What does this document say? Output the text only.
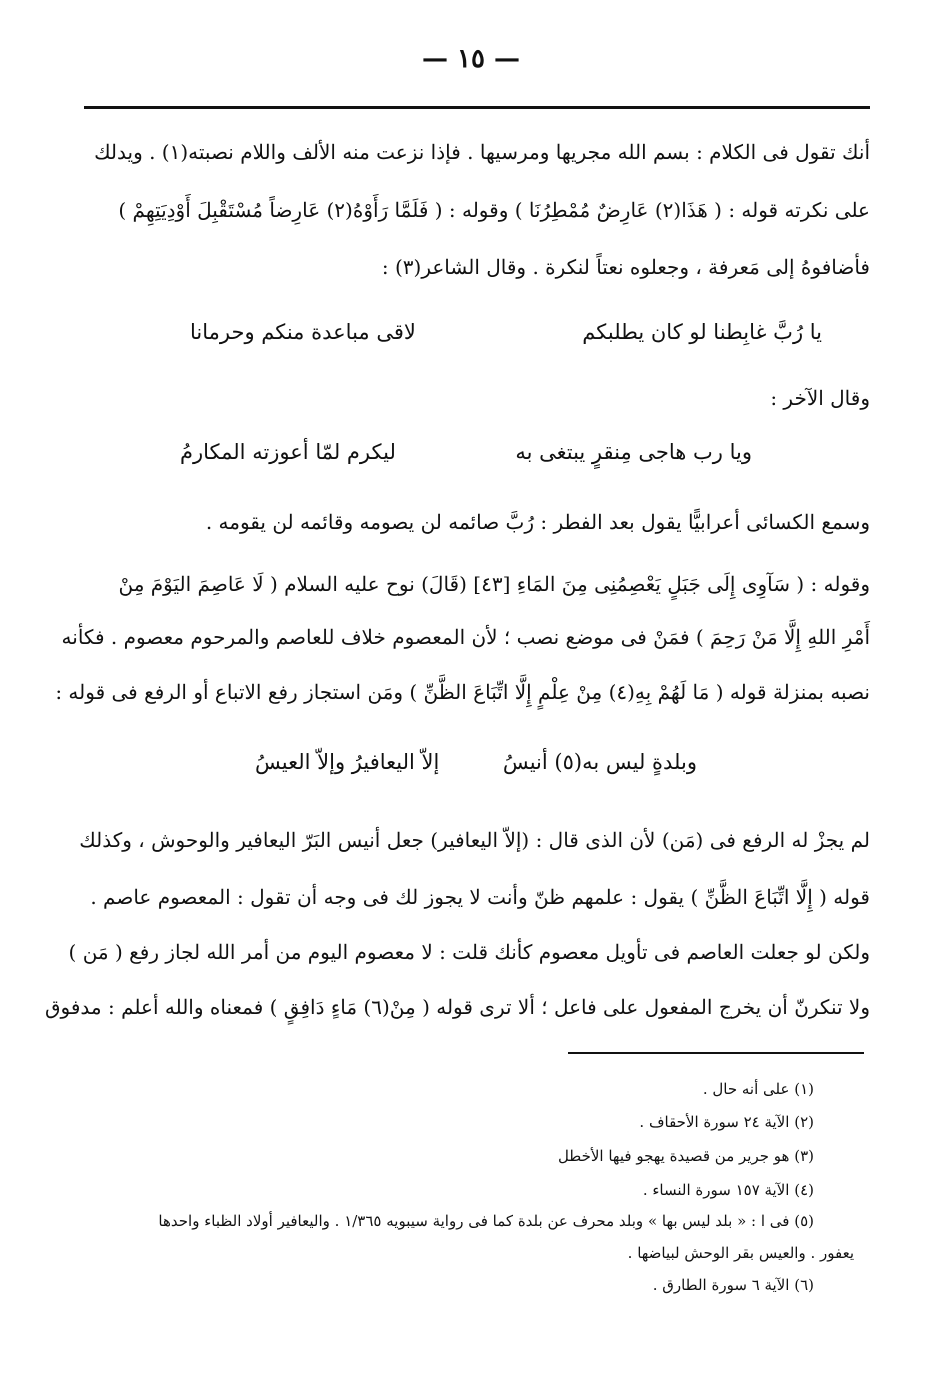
— ١٥ —
أنك تقول فى الكلام : بسم الله مجريها ومرسيها . فإذا نزعت منه الألف واللام نصبته(١) . ويدلك
على نكرته قوله : ( هَذَا(٢) عَارِضٌ مُمْطِرُنَا ) وقوله : ( فَلَمَّا رَأَوْهُ(٢) عَارِضاً مُسْتَقْبِلَ أَوْدِيَتِهِمْ )
فأضافوهُ إلى مَعرفة ، وجعلوه نعتاً لنكرة . وقال الشاعر(٣) :
يا رُبَّ غابِطنا لو كان يطلبكم
لاقى مباعدة منكم وحرمانا
وقال الآخر :
ويا رب هاجى مِنقرٍ يبتغى به
ليكرم لمّا أعوزته المكارمُ
وسمع الكسائى أعرابيًّا يقول بعد الفطر : رُبَّ صائمه لن يصومه وقائمه لن يقومه .
وقوله : ( سَآوِى إِلَى جَبَلٍ يَعْصِمُنِى مِنَ المَاءِ [٤٣] (قَالَ) نوح عليه السلام ( لَا عَاصِمَ اليَوْمَ مِنْ
أَمْرِ اللهِ إِلَّا مَنْ رَحِمَ ) فمَنْ فى موضع نصب ؛ لأن المعصوم خلاف للعاصم والمرحوم معصوم . فكأنه
نصبه بمنزلة قوله ( مَا لَهُمْ بِهِ(٤) مِنْ عِلْمٍ إِلَّا اتِّبَاعَ الظَّنِّ ) ومَن استجاز رفع الاتباع أو الرفع فى قوله :
وبلدةٍ ليس به(٥) أنيسُ
إلاّ اليعافيرُ وإلاّ العيسُ
لم يجزْ له الرفع فى (مَن) لأن الذى قال : (إلاّ اليعافير) جعل أنيس البَرّ اليعافير والوحوش ، وكذلك
قوله ( إِلَّا اتِّبَاعَ الظَّنِّ ) يقول : علمهم ظنّ وأنت لا يجوز لك فى وجه أن تقول : المعصوم عاصم .
ولكن لو جعلت العاصم فى تأويل معصوم كأنك قلت : لا معصوم اليوم من أمر الله لجاز رفع ( مَن )
ولا تنكرنّ أن يخرج المفعول على فاعل ؛ ألا ترى قوله ( مِنْ(٦) مَاءٍ دَافِقٍ ) فمعناه والله أعلم : مدفوق
(١) على أنه حال .
(٢) الآية ٢٤ سورة الأحقاف .
(٣) هو جرير من قصيدة يهجو فيها الأخطل
(٤) الآية ١٥٧ سورة النساء .
(٥) فى ا : « بلد ليس بها » وبلد محرف عن بلدة كما فى رواية سيبويه ١/٣٦٥ . واليعافير أولاد الظباء واحدها
يعفور . والعيس بقر الوحش لبياضها .
(٦) الآية ٦ سورة الطارق .
